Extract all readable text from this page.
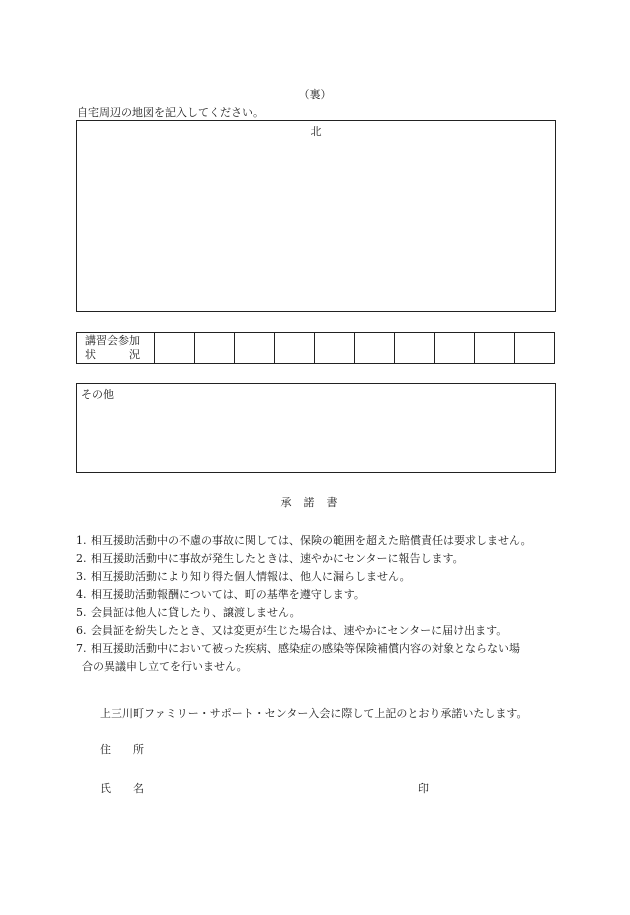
（裏）
自宅周辺の地図を記入してください。
北
講習会参加
状	況

その他
承諾書
1. 相互援助活動中の不慮の事故に関しては、保険の範囲を超えた賠償責任は要求しません。
2. 相互援助活動中に事故が発生したときは、速やかにセンターに報告します。
3. 相互援助活動により知り得た個人情報は、他人に漏らしません。
4. 相互援助活動報酬については、町の基準を遵守します。
5. 会員証は他人に貸したり、譲渡しません。
6. 会員証を紛失したとき、又は変更が生じた場合は、速やかにセンターに届け出ます。
7. 相互援助活動中において被った疾病、感染症の感染等保険補償内容の対象とならない場
合の異議申し立てを行いません。
上三川町ファミリー・サポート・センター入会に際して上記のとおり承諾いたします。
住 所
氏 名	印
